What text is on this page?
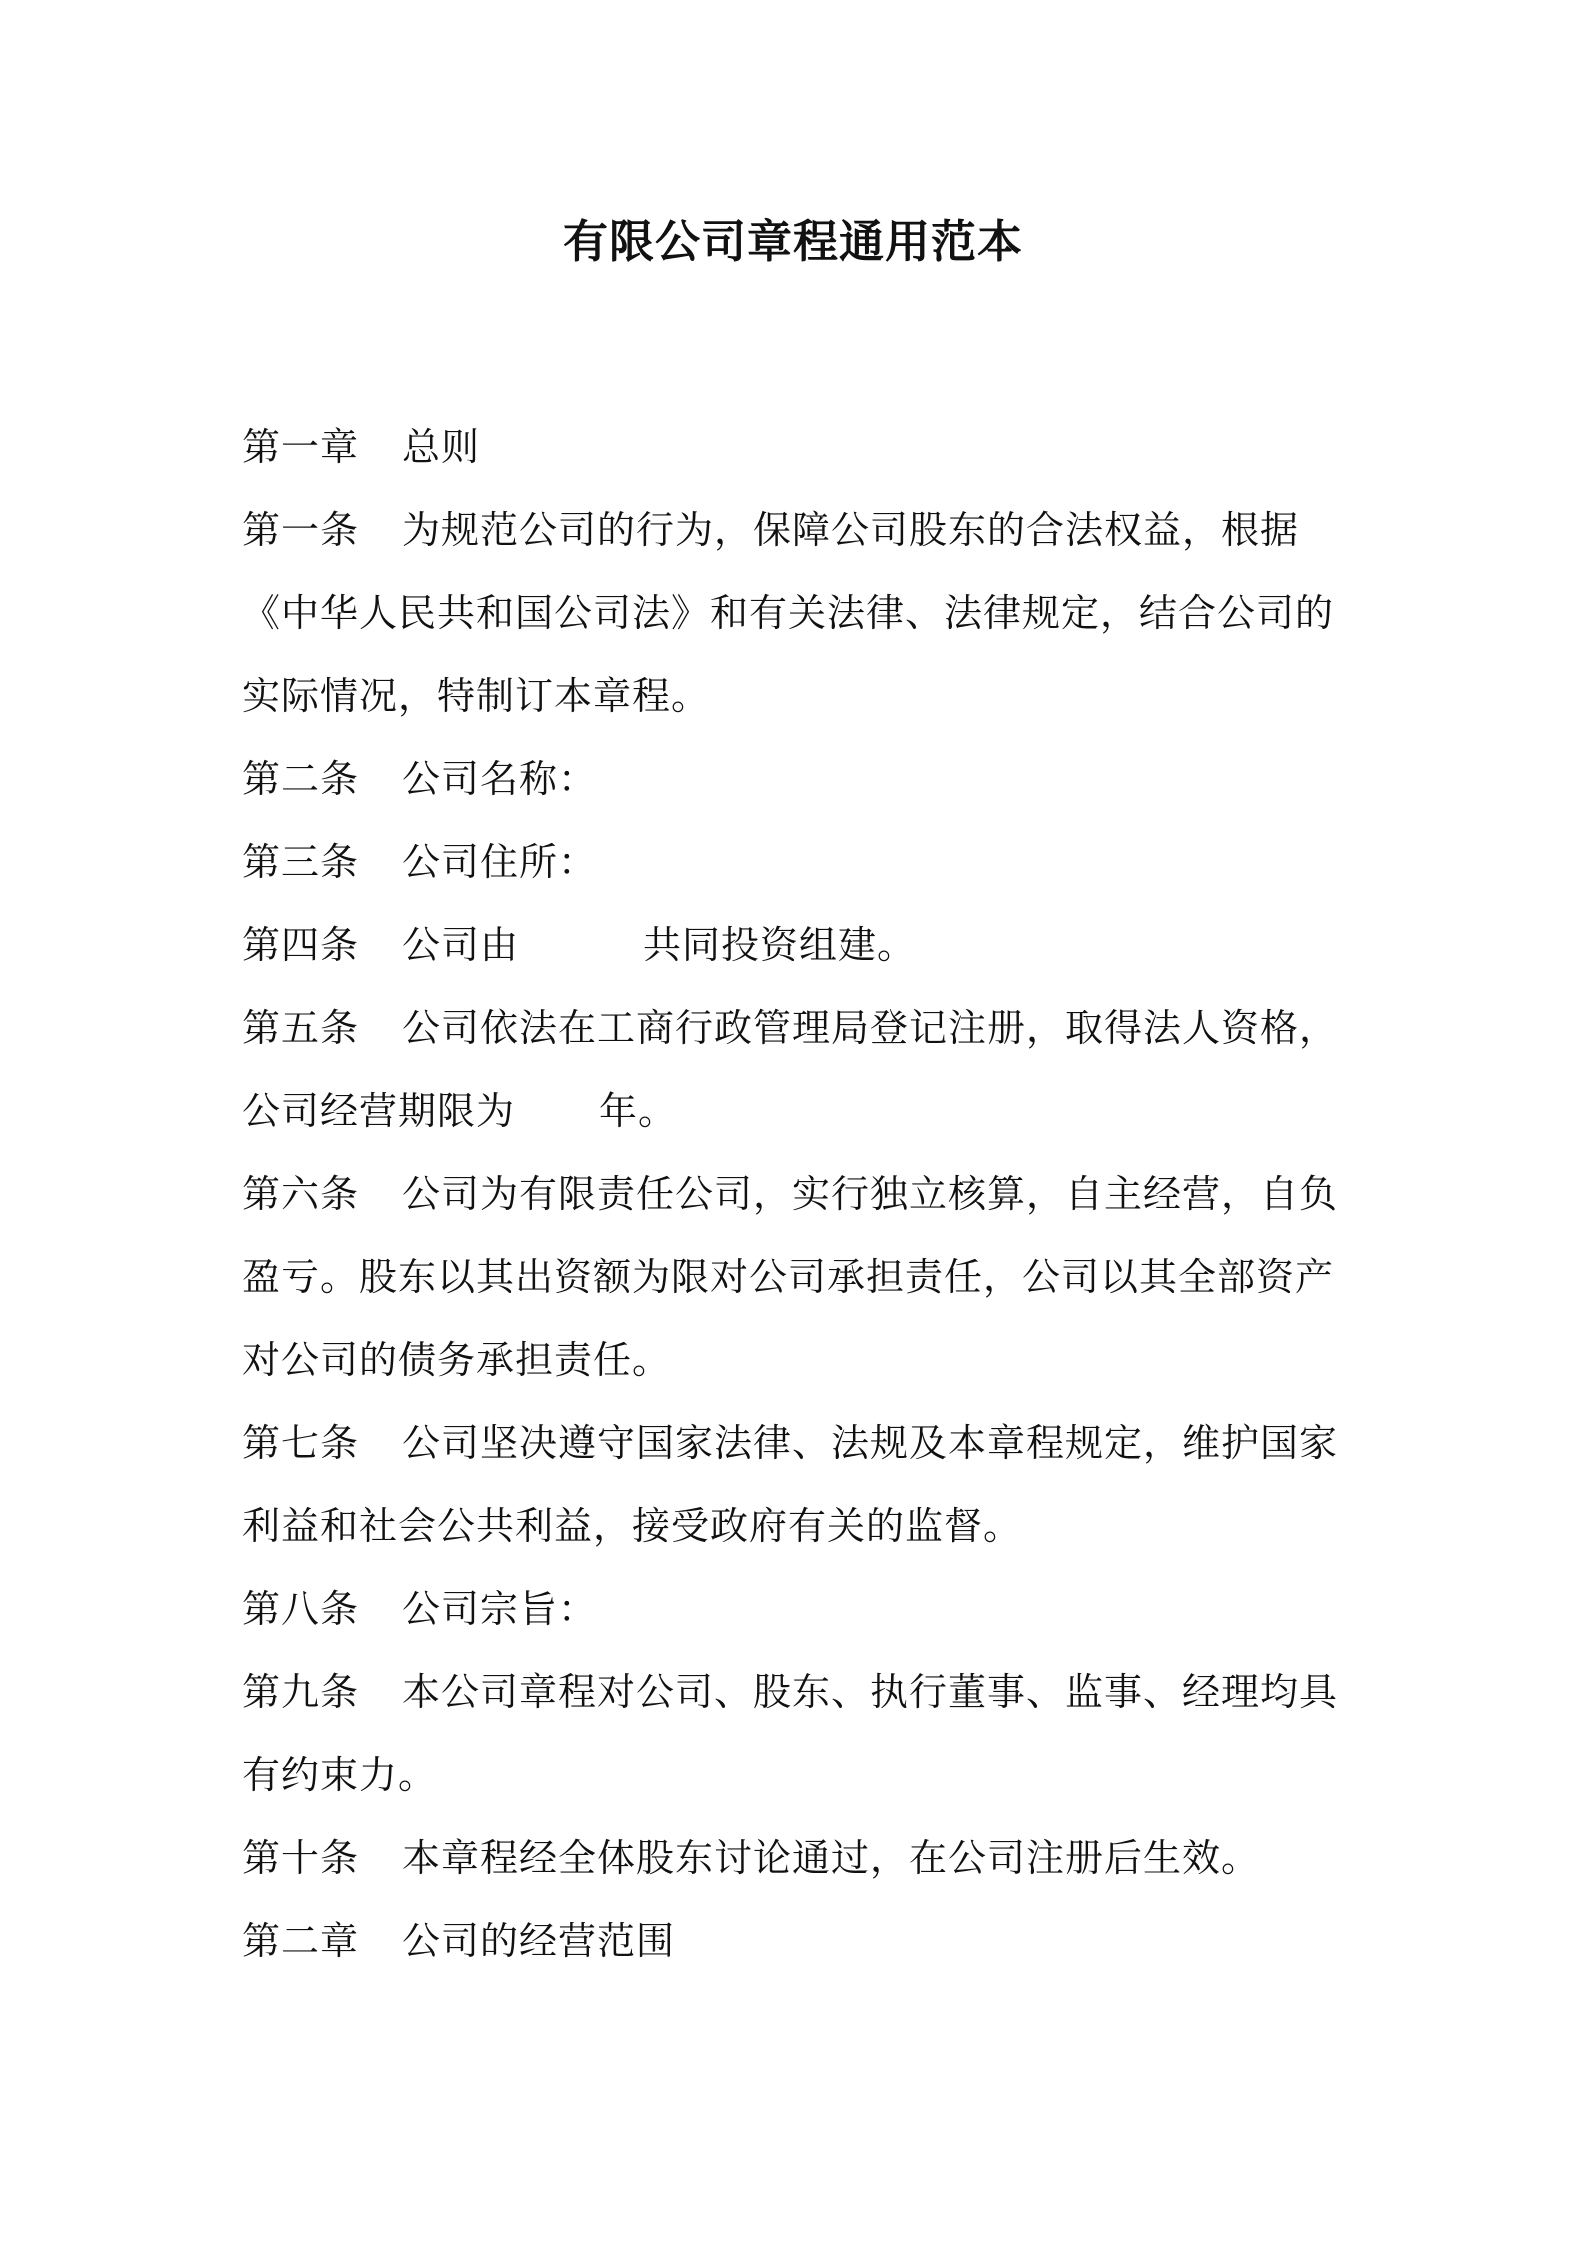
有限公司章程通用范本

第一章 总则

第一条 为规范公司的行为，保障公司股东的合法权益，根据《中华人民共和国公司法》和有关法律、法律规定，结合公司的实际情况，特制订本章程。

第二条 公司名称：

第三条 公司住所：

第四条 公司由	共同投资组建。

第五条 公司依法在工商行政管理局登记注册，取得法人资格，
公司经营期限为 年。

第六条 公司为有限责任公司，实行独立核算，自主经营，自负盈亏。股东以其出资额为限对公司承担责任，公司以其全部资产对公司的债务承担责任。

第七条 公司坚决遵守国家法律、法规及本章程规定，维护国家利益和社会公共利益，接受政府有关的监督。

第八条 公司宗旨：

第九条 本公司章程对公司、股东、执行董事、监事、经理均具有约束力。

第十条 本章程经全体股东讨论通过，在公司注册后生效。

第二章 公司的经营范围
